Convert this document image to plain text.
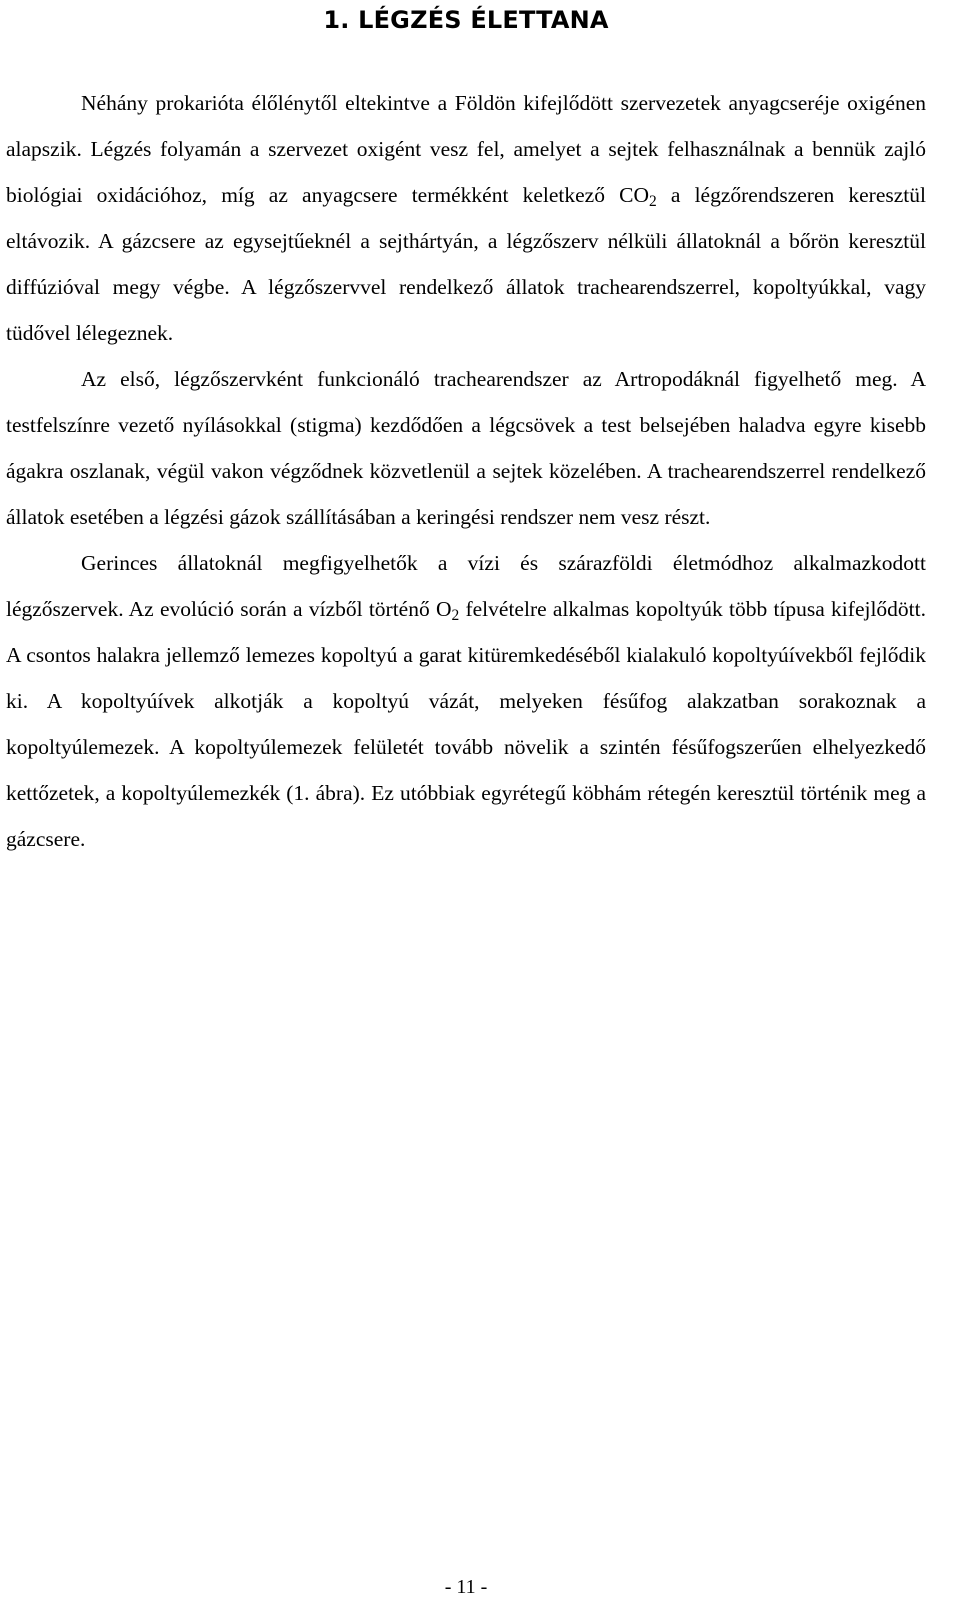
1. LÉGZÉS ÉLETTANA

Néhány prokarióta élőlénytől eltekintve a Földön kifejlődött szervezetek anyagcseréje oxigénen alapszik. Légzés folyamán a szervezet oxigént vesz fel, amelyet a sejtek felhasználnak a bennük zajló biológiai oxidációhoz, míg az anyagcsere termékként keletkező $CO_2$ a légzőrendszeren keresztül eltávozik. A gázcsere az egysejtűeknél a sejthártyán, a légzőszerv nélküli állatoknál a bőrön keresztül diffúzióval megy végbe. A légzőszervvel rendelkező állatok trachearendszerrel, kopoltyúkkal, vagy tüdővel lélegeznek.

Az első, légzőszervként funkcionáló trachearendszer az Artropodáknál figyelhető meg. A testfelszínre vezető nyílásokkal (stigma) kezdődően a légcsövek a test belsejében haladva egyre kisebb ágakra oszlanak, végül vakon végződnek közvetlenül a sejtek közelében. A trachearendszerrel rendelkező állatok esetében a légzési gázok szállításában a keringési rendszer nem vesz részt.

Gerinces állatoknál megfigyelhetők a vízi és szárazföldi életmódhoz alkalmazkodott légzőszervek. Az evolúció során a vízből történő $O_2$ felvételre alkalmas kopoltyúk több típusa kifejlődött. A csontos halakra jellemző lemezes kopoltyú a garat kitüremkedéséből kialakuló kopoltyúívekből fejlődik ki. A kopoltyúívek alkotják a kopoltyú vázát, melyeken fésűfog alakzatban sorakoznak a kopoltyúlemezek. A kopoltyúlemezek felületét tovább növelik a szintén fésűfogszerűen elhelyezkedő kettőzetek, a kopoltyúlemezkék (1. ábra). Ez utóbbiak egyrétegű köbhám rétegén keresztül történik meg a gázcsere.

- 11 -
